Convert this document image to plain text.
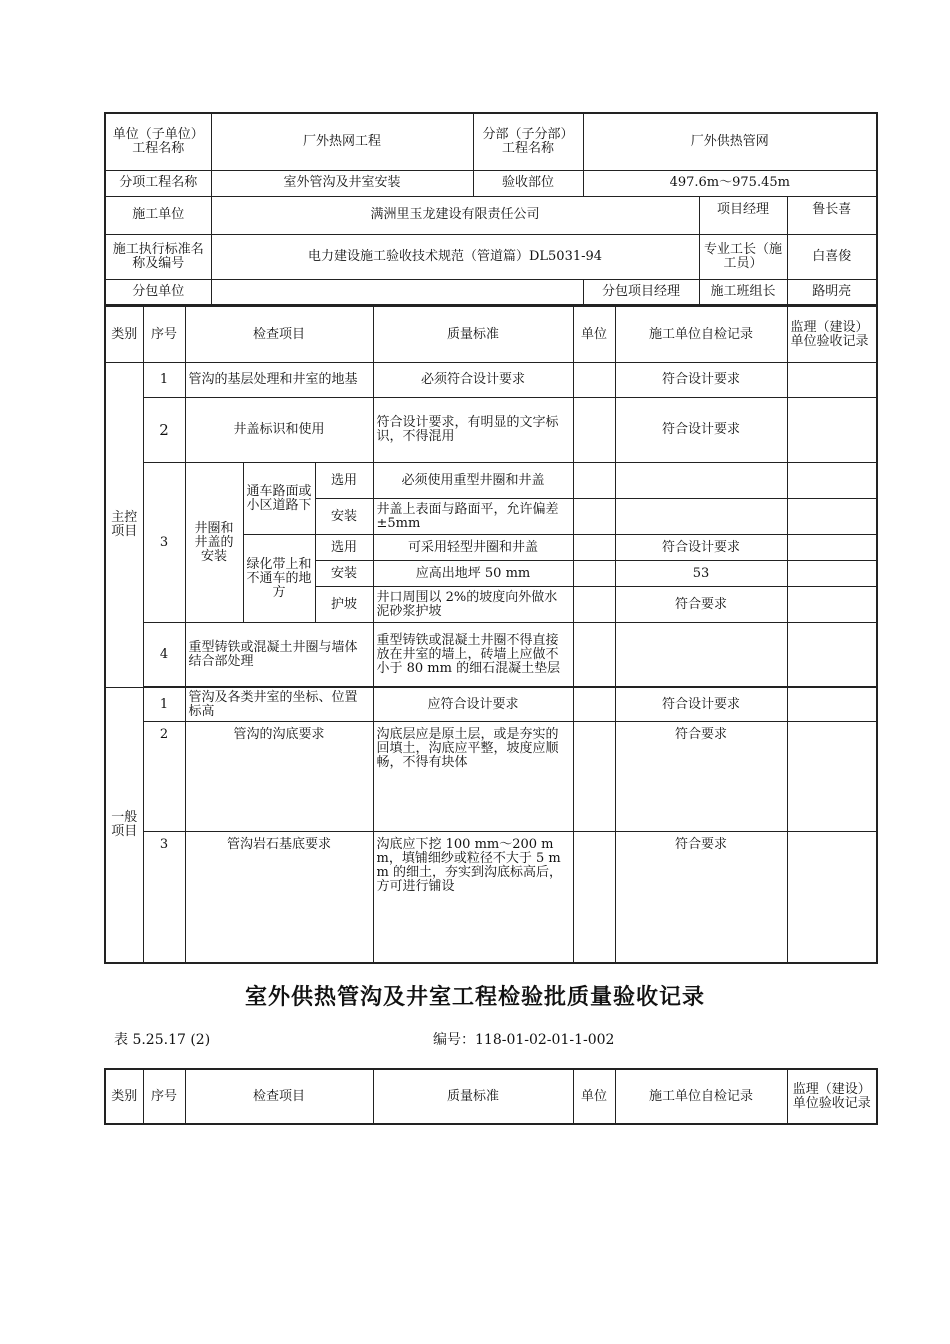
单位（子单位） 工程名称	厂外热网工程	分部（子分部）工程名称	厂外供热管网		
分项工程名称	室外管沟及井室安装	验收部位	497.6m～975.45m		
施工单位	满洲里玉龙建设有限责任公司			项目经理	鲁长喜
施工执行标准名称及编号	电力建设施工验收技术规范（管道篇）DL5031-94			专业工长（施工员）	白喜俊
分包单位			分包项目经理	施工班组长	路明亮
类别	序号	检查项目			质量标准	单位	施工单位自检记录	监理（建设）单位验收记录
主控项目	1	管沟的基层处理和井室的地基			必须符合设计要求		符合设计要求	
	2	井盖标识和使用			符合设计要求，有明显的文字标识，不得混用		符合设计要求	
	3	井圈和井盖的安装	通车路面或小区道路下	选用	必须使用重型井圈和井盖			
				安装	井盖上表面与路面平，允许偏差±5mm			
			绿化带上和不通车的地方	选用	可采用轻型井圈和井盖		符合设计要求	
				安装	应高出地坪 50 mm		53	
				护坡	井口周围以 2%的坡度向外做水泥砂浆护坡		符合要求	
	4	重型铸铁或混凝土井圈与墙体结合部处理			重型铸铁或混凝土井圈不得直接放在井室的墙上，砖墙上应做不小于 80 mm 的细石混凝土垫层			

一般项目	1	管沟及各类井室的坐标、位置标高			应符合设计要求		符合设计要求	
	2	管沟的沟底要求			沟底层应是原土层，或是夯实的回填土，沟底应平整，坡度应顺畅，不得有块体		符合要求	
	3	管沟岩石基底要求			沟底应下挖 100 mm～200 mm，填铺细纱或粒径不大于 5 mm 的细土，夯实到沟底标高后，方可进行铺设		符合要求	
室外供热管沟及井室工程检验批质量验收记录
表 5.25.17 (2)	编号：118-01-02-01-1-002
类别	序号	检查项目	质量标准	单位	施工单位自检记录	监理（建设）单位验收记录
